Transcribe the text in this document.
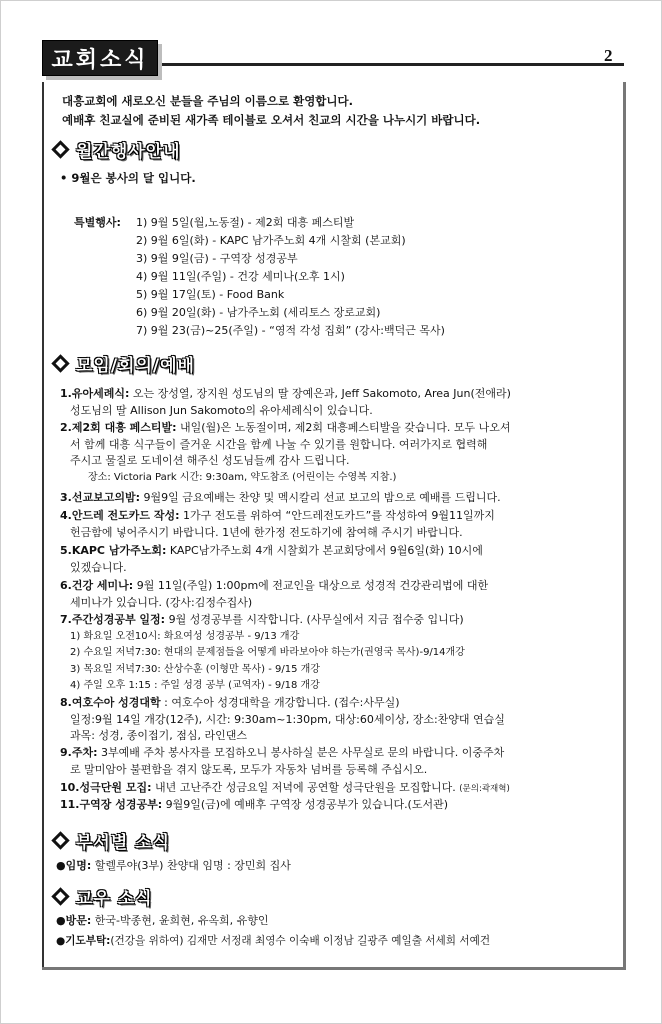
교회소식	2
대흥교회에 새로오신 분들을 주님의 이름으로 환영합니다.
예배후 친교실에 준비된 새가족 테이블로 오셔서 친교의 시간을 나누시기 바랍니다.
월간행사안내
• 9월은 봉사의 달 입니다.
특별행사:	1) 9월 5일(월,노동절) - 제2회 대흥 페스티발
2) 9월 6일(화) - KAPC 남가주노회 4개 시찰회 (본교회)
3) 9월 9일(금) - 구역장 성경공부
4) 9월 11일(주일) - 건강 세미나(오후 1시)
5) 9월 17일(토) - Food Bank
6) 9월 20일(화) - 남가주노회 (세리토스 장로교회)
7) 9월 23(금)~25(주일) - “영적 각성 집회” (강사:백덕근 목사)
모임/회의/예배
1.유아세례식: 오는 장성열, 장지원 성도님의 딸 장예은과, Jeff Sakomoto, Area Jun(전애라)
성도님의 딸 Allison Jun Sakomoto의 유아세례식이 있습니다.
2.제2회 대흥 페스티발: 내일(월)은 노동절이며, 제2회 대흥페스티발을 갖습니다. 모두 나오셔
서 함께 대흥 식구들이 즐거운 시간을 함께 나눌 수 있기를 원합니다. 여러가지로 협력해
주시고 물질로 도네이션 해주신 성도님들께 감사 드립니다.
장소: Victoria Park 시간: 9:30am, 약도참조 (어린이는 수영복 지참.)
3.선교보고의밤: 9월9일 금요예배는 찬양 및 멕시칼리 선교 보고의 밤으로 예배를 드립니다.
4.안드레 전도카드 작성: 1가구 전도를 위하여 “안드레전도카드”를 작성하여 9월11일까지
헌금함에 넣어주시기 바랍니다. 1년에 한가정 전도하기에 참여해 주시기 바랍니다.
5.KAPC 남가주노회: KAPC남가주노회 4개 시찰회가 본교회당에서 9월6일(화) 10시에
있겠습니다.
6.건강 세미나: 9월 11일(주일) 1:00pm에 전교인을 대상으로 성경적 건강관리법에 대한
세미나가 있습니다. (강사:김정수집사)
7.주간성경공부 일정: 9월 성경공부를 시작합니다. (사무실에서 지금 접수중 입니다)
1) 화요일 오전10시: 화요여성 성경공부 - 9/13 개강
2) 수요일 저녁7:30: 현대의 문제점들을 어떻게 바라보아야 하는가(권영국 목사)-9/14개강
3) 목요일 저녁7:30: 산상수훈 (이형만 목사) - 9/15 개강
4) 주일 오후 1:15 : 주일 성경 공부 (교역자) - 9/18 개강
8.여호수아 성경대학 : 여호수아 성경대학을 개강합니다. (접수:사무실)
일정:9월 14일 개강(12주), 시간: 9:30am~1:30pm, 대상:60세이상, 장소:찬양대 연습실
과목: 성경, 종이접기, 점심, 라인댄스
9.주차: 3부예배 주차 봉사자를 모집하오니 봉사하실 분은 사무실로 문의 바랍니다. 이중주차
로 말미암아 불편함을 겪지 않도록, 모두가 자동차 넘버를 등록해 주십시오.
10.성극단원 모집: 내년 고난주간 성금요일 저녁에 공연할 성극단원을 모집합니다. (문의:곽재혁)
11.구역장 성경공부: 9월9일(금)에 예배후 구역장 성경공부가 있습니다.(도서관)
부서별 소식
●임명: 할렐루야(3부) 찬양대 임명 : 장민희 집사
교우 소식
●방문: 한국-박종현, 윤희현, 유옥희, 유향인
●기도부탁:(건강을 위하여) 김재만 서정래 최영수 이숙배 이정남 길광주 예일출 서세희 서예건
